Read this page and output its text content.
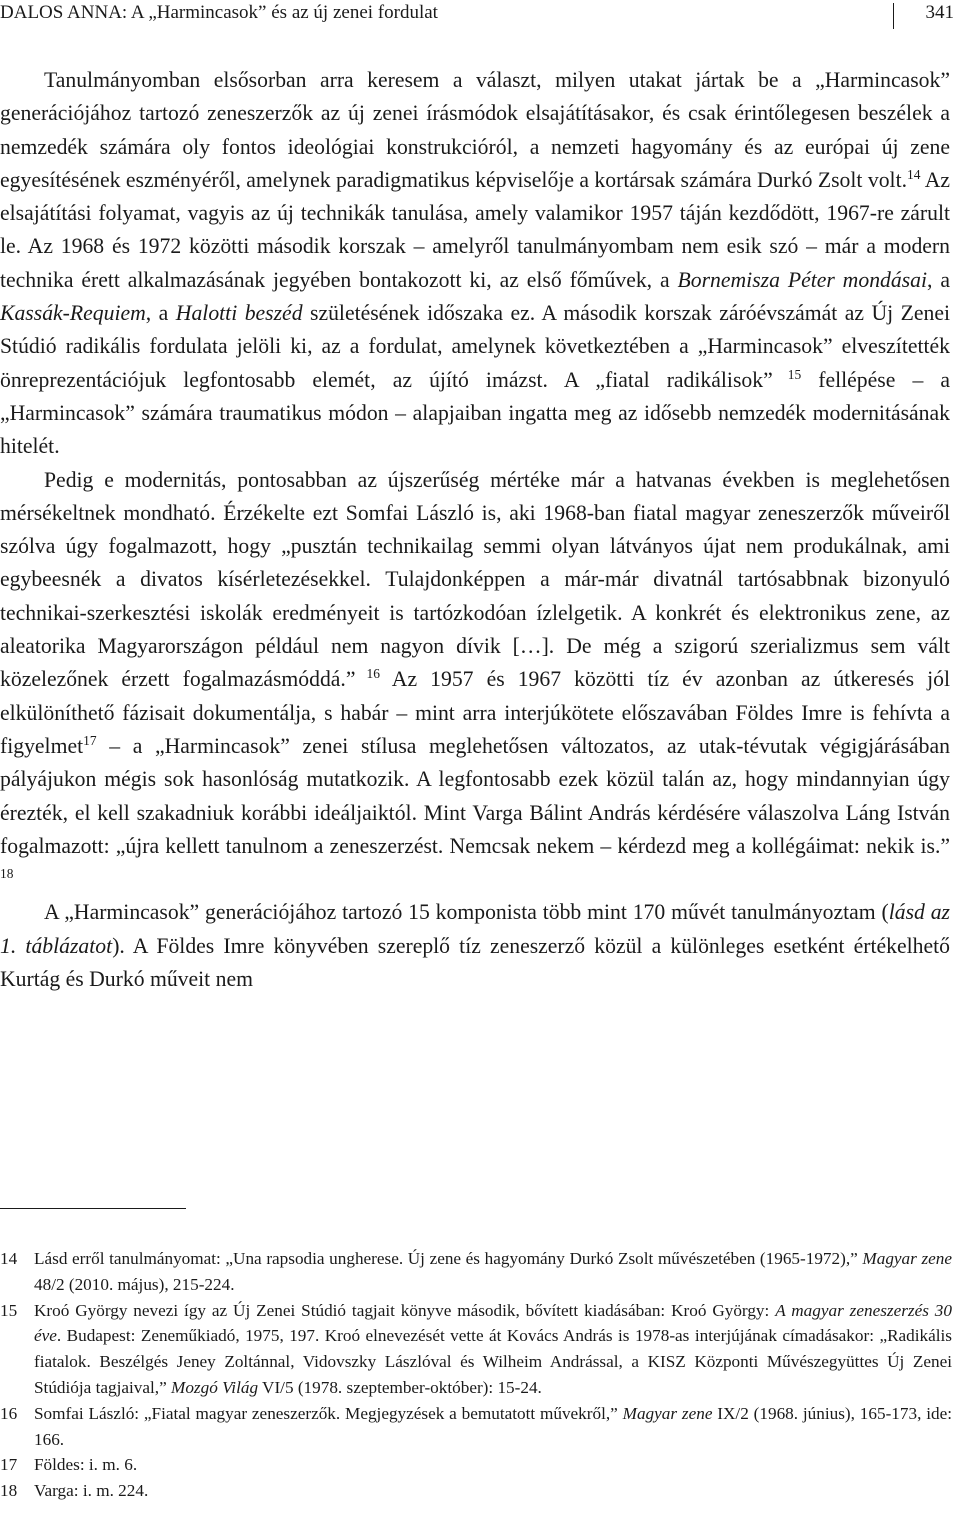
DALOS ANNA: A „Harmincasok” és az új zenei fordulat	341

Tanulmányomban elsősorban arra keresem a választ, milyen utakat jártak be a „Harmincasok” generációjához tartozó zeneszerzők az új zenei írásmódok elsajátításakor, és csak érintőlegesen beszélek a nemzedék számára oly fontos ideológiai konstrukcióról, a nemzeti hagyomány és az európai új zene egyesítésének eszményéről, amelynek paradigmatikus képviselője a kortársak számára Durkó Zsolt volt.$^{14}$ Az elsajátítási folyamat, vagyis az új technikák tanulása, amely valamikor 1957 táján kezdődött, 1967-re zárult le. Az 1968 és 1972 közötti második korszak – amelyről tanulmányombam nem esik szó – már a modern technika érett alkalmazásának jegyében bontakozott ki, az első főművek, a Bornemisza Péter mondásai, a Kassák-Requiem, a Halotti beszéd születésének időszaka ez. A második korszak záróévszámát az Új Zenei Stúdió radikális fordulata jelöli ki, az a fordulat, amelynek következtében a „Harmincasok” elveszítették önreprezentációjuk legfontosabb elemét, az újító imázst. A „fiatal radikálisok” $^{15}$ fellépése – a „Harmincasok” számára traumatikus módon – alapjaiban ingatta meg az idősebb nemzedék modernitásának hitelét.

Pedig e modernitás, pontosabban az újszerűség mértéke már a hatvanas években is meglehetősen mérsékeltnek mondható. Érzékelte ezt Somfai László is, aki 1968-ban fiatal magyar zeneszerzők műveiről szólva úgy fogalmazott, hogy „pusztán technikailag semmi olyan látványos újat nem produkálnak, ami egybeesnék a divatos kísérletezésekkel. Tulajdonképpen a már-már divatnál tartósabbnak bizonyuló technikai-szerkesztési iskolák eredményeit is tartózkodóan ízlelgetik. A konkrét és elektronikus zene, az aleatorika Magyarországon például nem nagyon dívik […]. De még a szigorú szerializmus sem vált közelezőnek érzett fogalmazásmóddá.” $^{16}$ Az 1957 és 1967 közötti tíz év azonban az útkeresés jól elkülöníthető fázisait dokumentálja, s habár – mint arra interjúkötete előszavában Földes Imre is fehívta a figyelmet$^{17}$ – a „Harmincasok” zenei stílusa meglehetősen változatos, az utak-tévutak végigjárásában pályájukon mégis sok hasonlóság mutatkozik. A legfontosabb ezek közül talán az, hogy mindannyian úgy érezték, el kell szakadniuk korábbi ideáljaiktól. Mint Varga Bálint András kérdésére válaszolva Láng István fogalmazott: „újra kellett tanulnom a zeneszerzést. Nemcsak nekem – kérdezd meg a kollégáimat: nekik is.” $^{18}$

A „Harmincasok” generációjához tartozó 15 komponista több mint 170 művét tanulmányoztam (lásd az 1. táblázatot). A Földes Imre könyvében szereplő tíz zeneszerző közül a különleges esetként értékelhető Kurtág és Durkó műveit nem

14 Lásd erről tanulmányomat: „Una rapsodia ungherese. Új zene és hagyomány Durkó Zsolt művészetében (1965-1972),” Magyar zene 48/2 (2010. május), 215-224.
15 Kroó György nevezi így az Új Zenei Stúdió tagjait könyve második, bővített kiadásában: Kroó György: A magyar zeneszerzés 30 éve. Budapest: Zeneműkiadó, 1975, 197. Kroó elnevezését vette át Kovács András is 1978-as interjújának címadásakor: „Radikális fiatalok. Beszélgés Jeney Zoltánnal, Vidovszky Lászlóval és Wilheim Andrással, a KISZ Központi Művészegyüttes Új Zenei Stúdiója tagjaival,” Mozgó Világ VI/5 (1978. szeptember-október): 15-24.
16 Somfai László: „Fiatal magyar zeneszerzők. Megjegyzések a bemutatott művekről,” Magyar zene IX/2 (1968. június), 165-173, ide: 166.
17 Földes: i. m. 6.
18 Varga: i. m. 224.
